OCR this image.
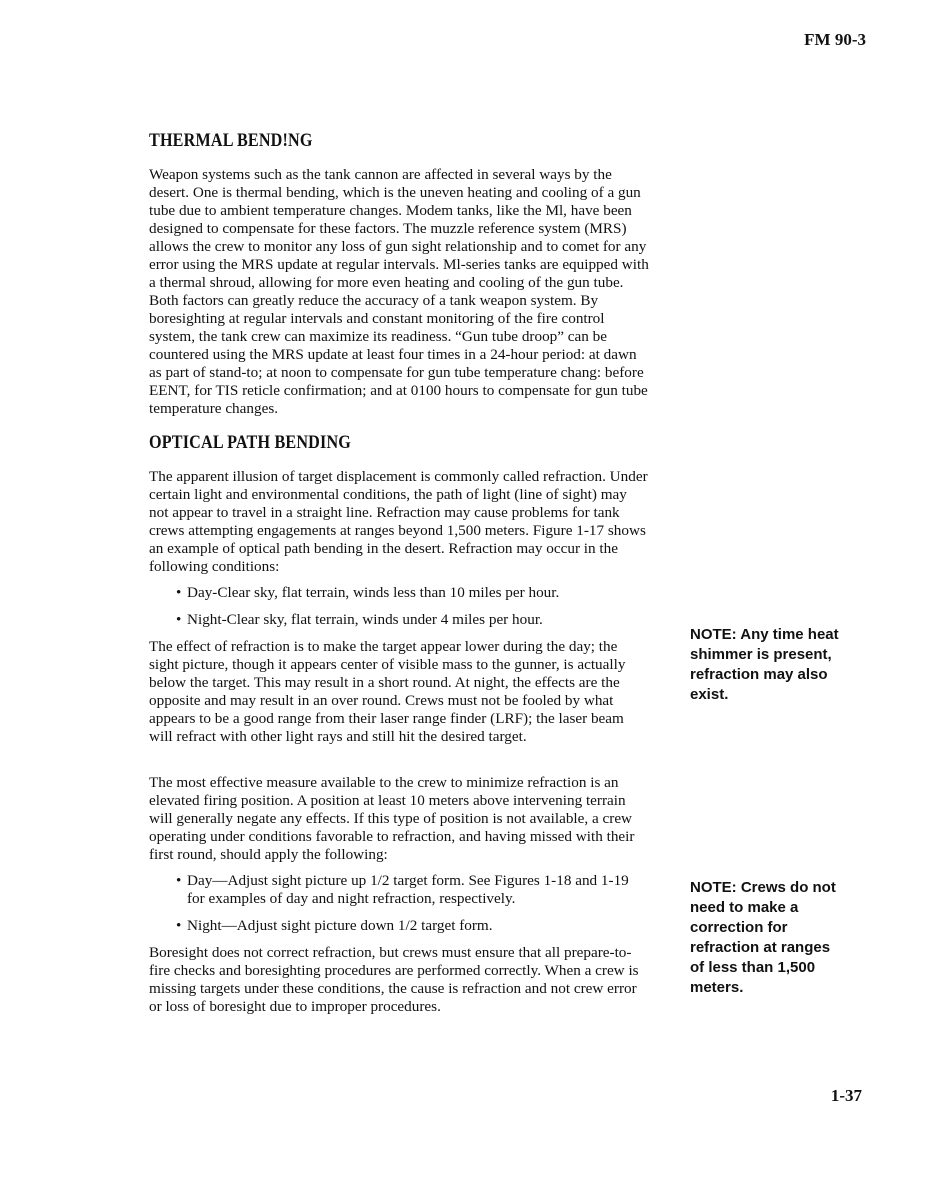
FM 90-3
THERMAL BEND!NG

Weapon systems such as the tank cannon are affected in several ways by the desert. One is thermal bending, which is the uneven heating and cooling of a gun tube due to ambient temperature changes. Modem tanks, like the Ml, have been designed to compensate for these factors. The muzzle reference system (MRS) allows the crew to monitor any loss of gun sight relationship and to comet for any error using the MRS update at regular intervals. Ml-series tanks are equipped with a thermal shroud, allowing for more even heating and cooling of the gun tube. Both factors can greatly reduce the accuracy of a tank weapon system. By boresighting at regular intervals and constant monitoring of the fire control system, the tank crew can maximize its readiness. “Gun tube droop” can be countered using the MRS update at least four times in a 24-hour period: at dawn as part of stand-to; at noon to compensate for gun tube temperature chang: before EENT, for TIS reticle confirmation; and at 0100 hours to compensate for gun tube temperature changes.

OPTICAL PATH BENDING

The apparent illusion of target displacement is commonly called refraction. Under certain light and environmental conditions, the path of light (line of sight) may not appear to travel in a straight line. Refraction may cause problems for tank crews attempting engagements at ranges beyond 1,500 meters. Figure 1-17 shows an example of optical path bending in the desert. Refraction may occur in the following conditions:

• Day-Clear sky, flat terrain, winds less than 10 miles per hour.
• Night-Clear sky, flat terrain, winds under 4 miles per hour.

The effect of refraction is to make the target appear lower during the day; the sight picture, though it appears center of visible mass to the gunner, is actually below the target. This may result in a short round. At night, the effects are the opposite and may result in an over round. Crews must not be fooled by what appears to be a good range from their laser range finder (LRF); the laser beam will refract with other light rays and still hit the desired target.

The most effective measure available to the crew to minimize refraction is an elevated firing position. A position at least 10 meters above intervening terrain will generally negate any effects. If this type of position is not available, a crew operating under conditions favorable to refraction, and having missed with their first round, should apply the following:

• Day—Adjust sight picture up 1/2 target form. See Figures 1-18 and 1-19 for examples of day and night refraction, respectively.
• Night—Adjust sight picture down 1/2 target form.

Boresight does not correct refraction, but crews must ensure that all prepare-to-fire checks and boresighting procedures are performed correctly. When a crew is missing targets under these conditions, the cause is refraction and not crew error or loss of boresight due to improper procedures.

NOTE: Any time heat shimmer is present, refraction may also exist.
NOTE: Crews do not need to make a correction for refraction at ranges of less than 1,500 meters.
1-37
